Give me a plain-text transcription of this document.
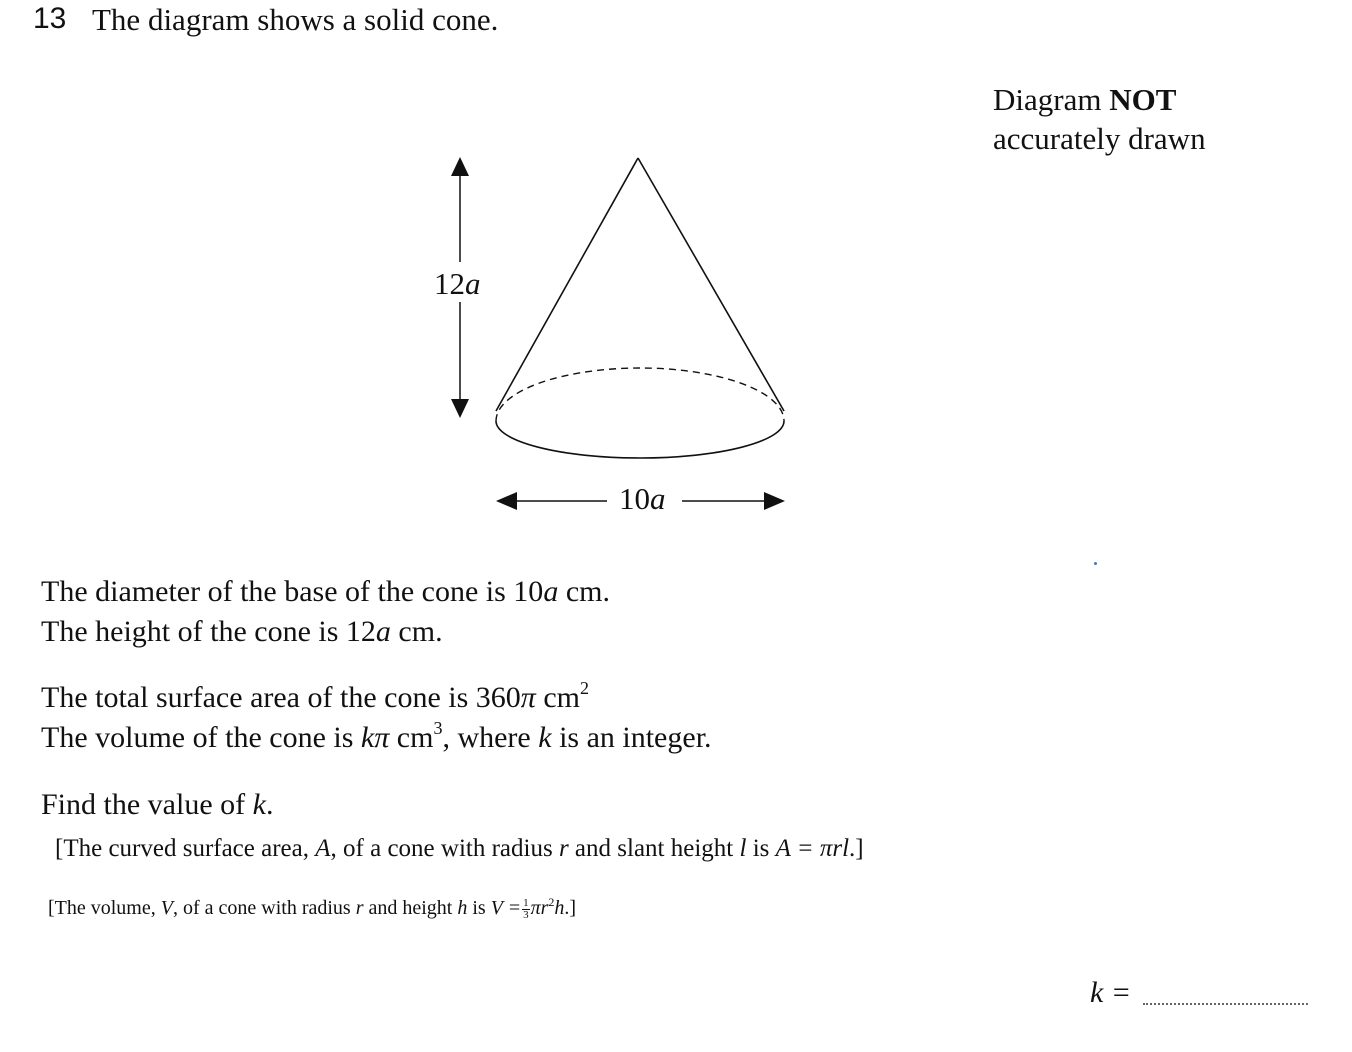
13 The diagram shows a solid cone.
Diagram NOT
accurately drawn
12a
10a
The diameter of the base of the cone is 10a cm.
The height of the cone is 12a cm.
The total surface area of the cone is 360π $cm^2$
The volume of the cone is kπ $cm^3$, where k is an integer.
Find the value of k.
[The curved surface area, A, of a cone with radius r and slant height l is A = πrl.]
[The volume, V, of a cone with radius r and height h is $V = \frac{1}{3} \pi r^2h$.]
k =
